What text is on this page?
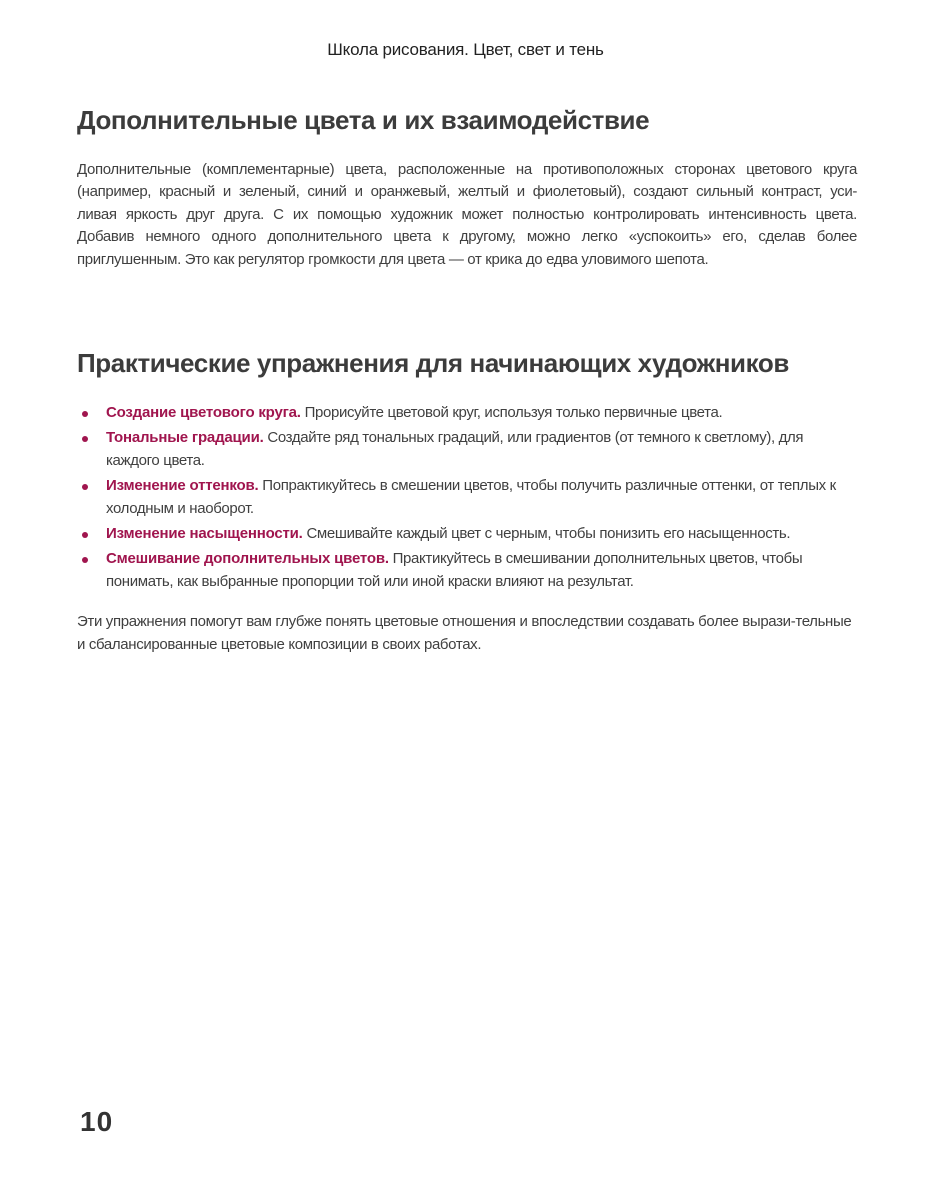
Школа рисования. Цвет, свет и тень
Дополнительные цвета и их взаимодействие
Дополнительные (комплементарные) цвета, расположенные на противоположных сторонах цветового круга
(например, красный и зеленый, синий и оранжевый, желтый и фиолетовый), создают сильный контраст, уси-
ливая яркость друг друга. С их помощью художник может полностью контролировать интенсивность цвета.
Добавив немного одного дополнительного цвета к другому, можно легко «успокоить» его, сделав более
приглушенным. Это как регулятор громкости для цвета — от крика до едва уловимого шепота.
Практические упражнения для начинающих художников
Создание цветового круга. Прорисуйте цветовой круг, используя только первичные цвета.
Тональные градации. Создайте ряд тональных градаций, или градиентов (от темного к светлому), для каждого цвета.
Изменение оттенков. Попрактикуйтесь в смешении цветов, чтобы получить различные оттенки, от теплых к холодным и наоборот.
Изменение насыщенности. Смешивайте каждый цвет с черным, чтобы понизить его насыщенность.
Смешивание дополнительных цветов. Практикуйтесь в смешивании дополнительных цветов, чтобы понимать, как выбранные пропорции той или иной краски влияют на результат.

Эти упражнения помогут вам глубже понять цветовые отношения и впоследствии создавать более вырази-тельные и сбалансированные цветовые композиции в своих работах.

10
